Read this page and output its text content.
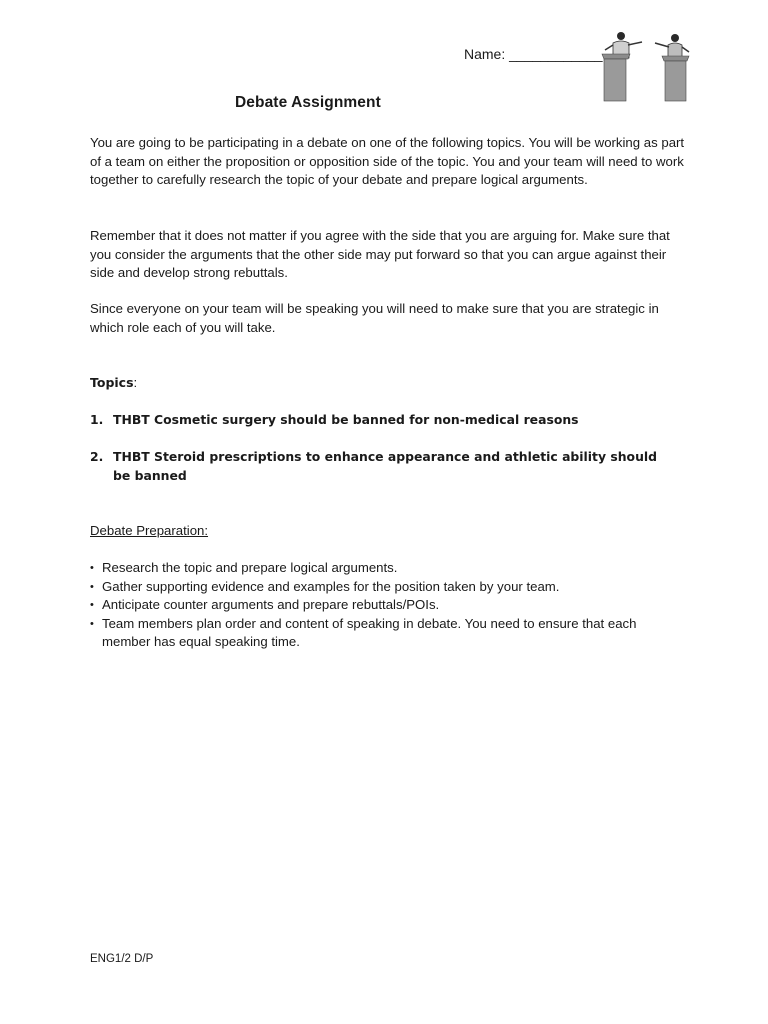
Name: ____________
Debate Assignment

You are going to be participating in a debate on one of the following topics. You will be working as part of a team on either the proposition or opposition side of the topic. You and your team will need to work together to carefully research the topic of your debate and prepare logical arguments.

Remember that it does not matter if you agree with the side that you are arguing for. Make sure that you consider the arguments that the other side may put forward so that you can argue against their side and develop strong rebuttals.

Since everyone on your team will be speaking you will need to make sure that you are strategic in which role each of you will take.

Topics:
1. THBT Cosmetic surgery should be banned for non-medical reasons
2. THBT Steroid prescriptions to enhance appearance and athletic ability should be banned
Debate Preparation:
• Research the topic and prepare logical arguments.
• Gather supporting evidence and examples for the position taken by your team.
• Anticipate counter arguments and prepare rebuttals/POIs.
• Team members plan order and content of speaking in debate. You need to ensure that each member has equal speaking time.
ENG1/2 D/P
